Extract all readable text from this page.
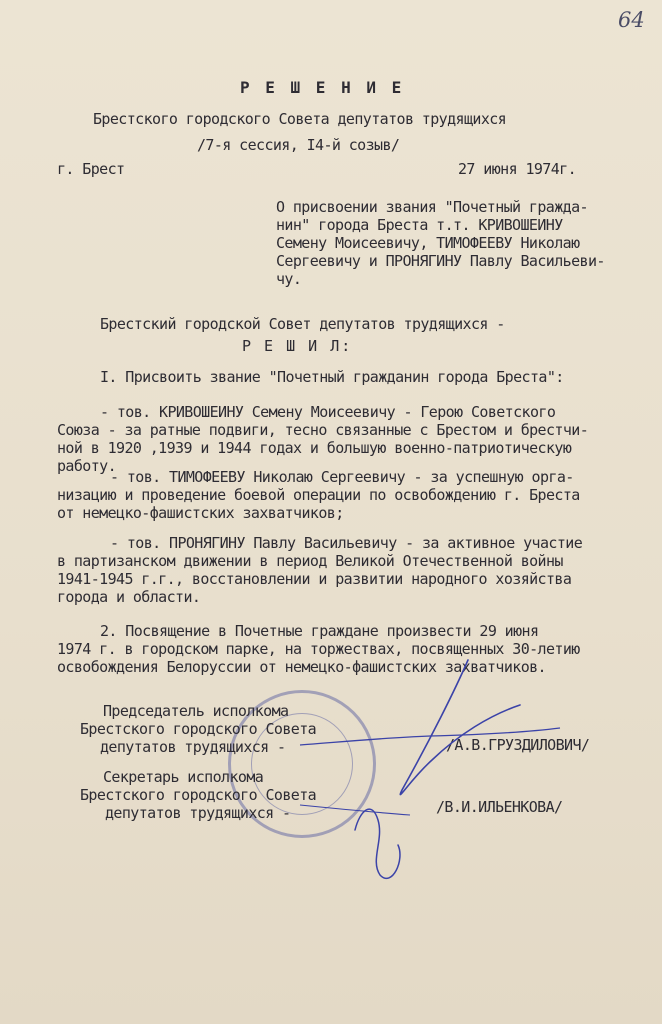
64
Р Е Ш Е Н И Е
Брестского городского Совета депутатов трудящихся
/7-я сессия, I4-й созыв/
г. Брест	27 июня 1974г.
О присвоении звания "Почетный гражда-
нин" города Бреста т.т. КРИВОШЕИНУ
Семену Моисеевичу, ТИМОФЕЕВУ Николаю
Сергеевичу и ПРОНЯГИНУ Павлу Васильеви-
чу.
Брестский городской Совет депутатов трудящихся -
Р Е Ш И Л:
I. Присвоить звание "Почетный гражданин города Бреста":
- тов. КРИВОШЕИНУ Семену Моисеевичу - Герою Советского
Союза - за ратные подвиги, тесно связанные с Брестом и брестчи-
ной в 1920 ,1939 и 1944 годах и большую военно-патриотическую
работу.
- тов. ТИМОФЕЕВУ Николаю Сергеевичу - за успешную орга-
низацию и проведение боевой операции по освобождению г. Бреста
от немецко-фашистских захватчиков;
- тов. ПРОНЯГИНУ Павлу Васильевичу - за активное участие
в партизанском движении в период Великой Отечественной войны
1941-1945 г.г., восстановлении и развитии народного хозяйства
города и области.
2. Посвящение в Почетные граждане произвести 29 июня
1974 г. в городском парке, на торжествах, посвященных 30-летию
освобождения Белоруссии от немецко-фашистских захватчиков.
Председатель исполкома
Брестского городского Совета
депутатов трудящихся -	/А.В.ГРУЗДИЛОВИЧ/
Секретарь исполкома
Брестского городского Совета
депутатов трудящихся -	/В.И.ИЛЬЕНКОВА/
